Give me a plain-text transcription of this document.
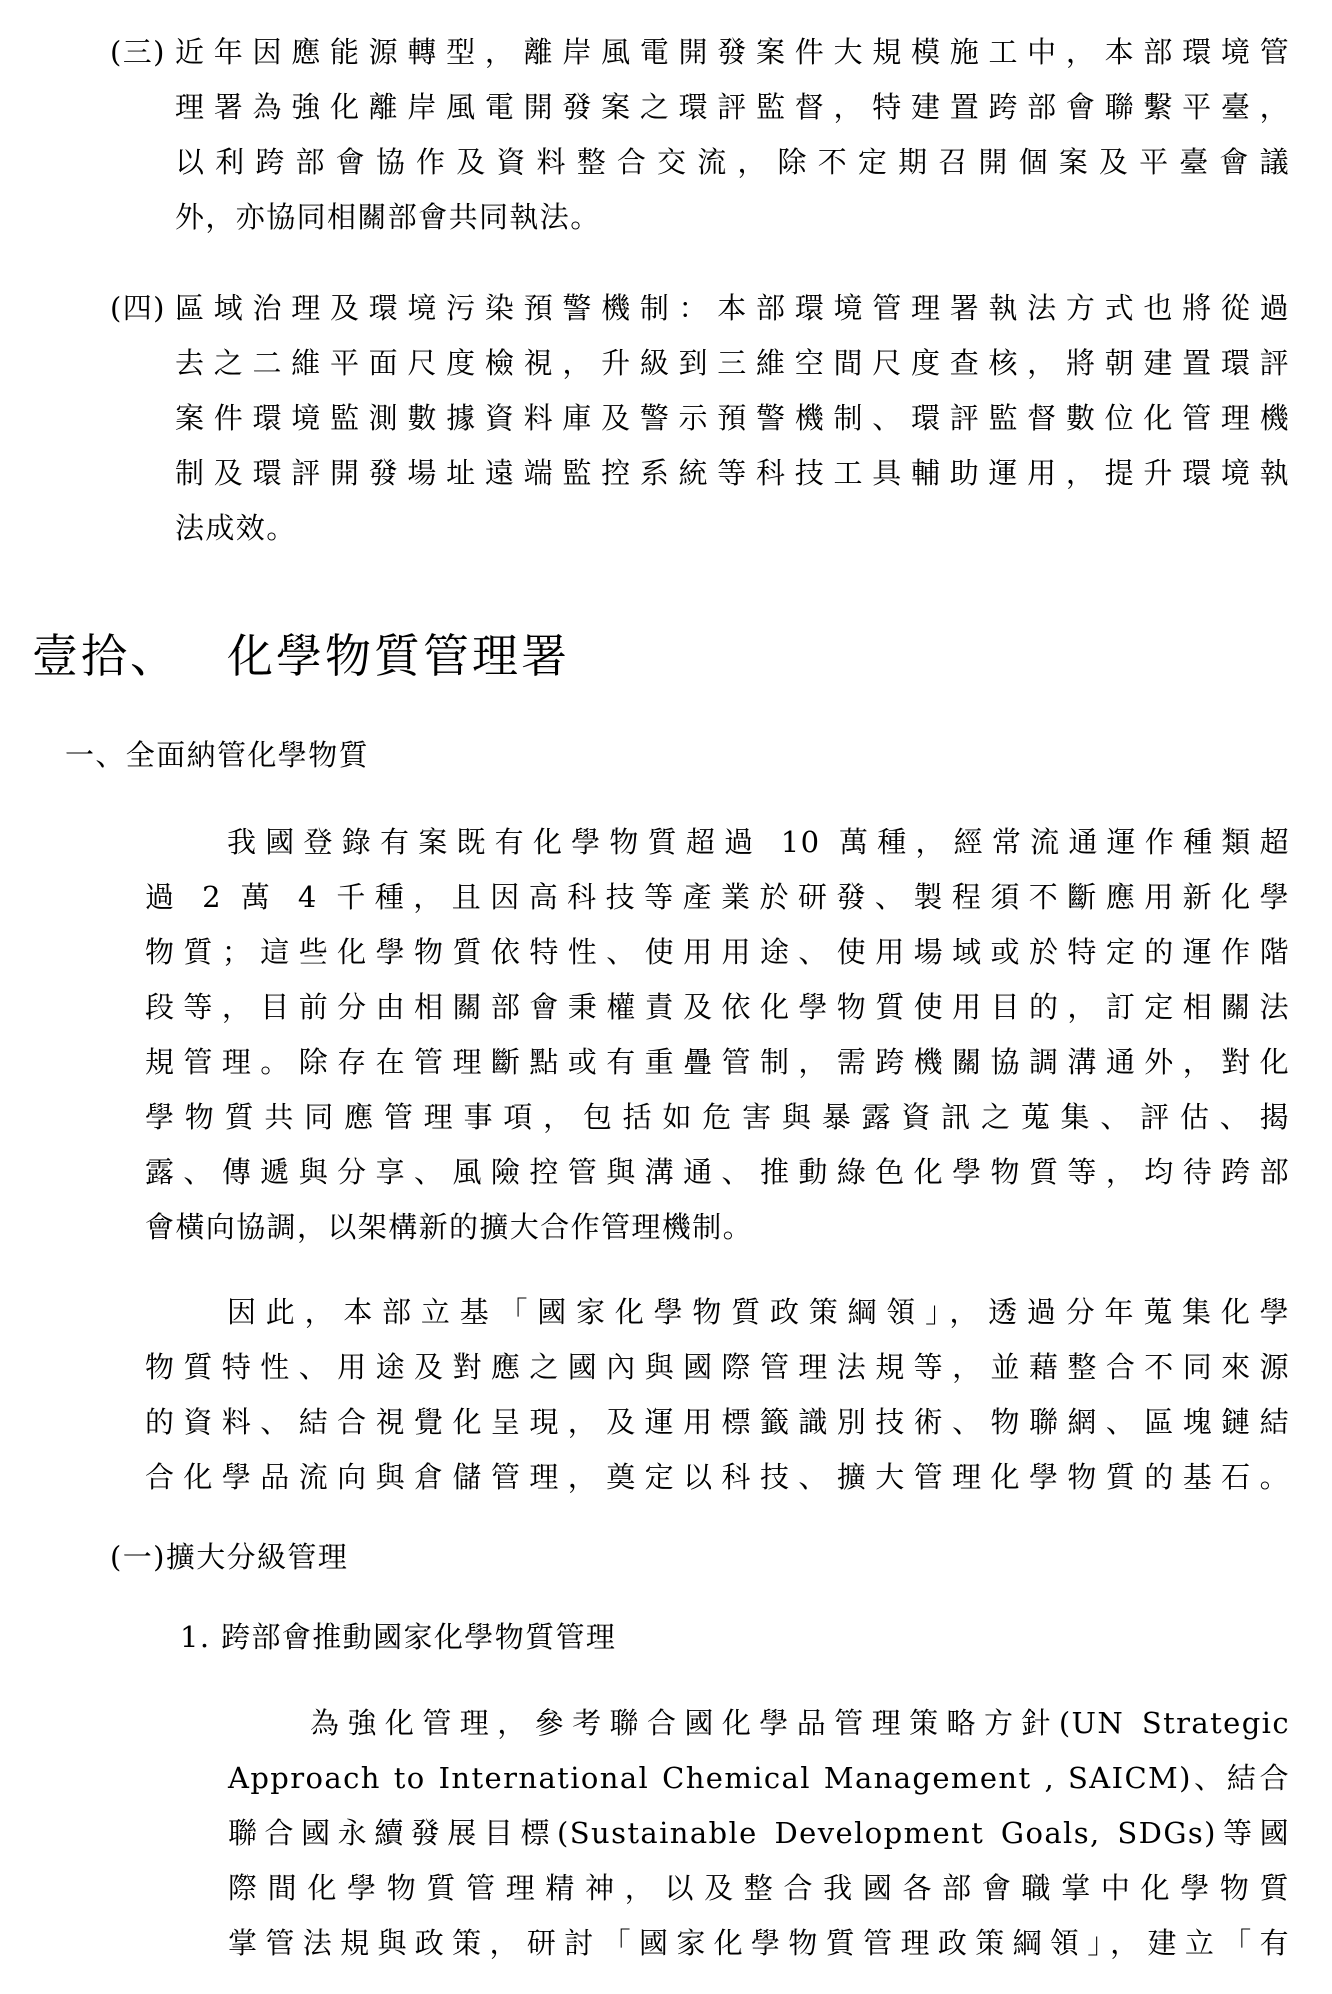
(三) 近年因應能源轉型，離岸風電開發案件大規模施工中，本部環境管
理署為強化離岸風電開發案之環評監督，特建置跨部會聯繫平臺，
以利跨部會協作及資料整合交流，除不定期召開個案及平臺會議
外，亦協同相關部會共同執法。
(四) 區域治理及環境污染預警機制：本部環境管理署執法方式也將從過
去之二維平面尺度檢視，升級到三維空間尺度查核，將朝建置環評
案件環境監測數據資料庫及警示預警機制、環評監督數位化管理機
制及環評開發場址遠端監控系統等科技工具輔助運用，提升環境執
法成效。
壹拾、 化學物質管理署
一、全面納管化學物質
我國登錄有案既有化學物質超過 10 萬種，經常流通運作種類超
過 2 萬 4 千種，且因高科技等產業於研發、製程須不斷應用新化學
物質；這些化學物質依特性、使用用途、使用場域或於特定的運作階
段等，目前分由相關部會秉權責及依化學物質使用目的，訂定相關法
規管理。除存在管理斷點或有重疊管制，需跨機關協調溝通外，對化
學物質共同應管理事項，包括如危害與暴露資訊之蒐集、評估、揭
露、傳遞與分享、風險控管與溝通、推動綠色化學物質等，均待跨部
會橫向協調，以架構新的擴大合作管理機制。
因此，本部立基「國家化學物質政策綱領」，透過分年蒐集化學
物質特性、用途及對應之國內與國際管理法規等，並藉整合不同來源
的資料、結合視覺化呈現，及運用標籤識別技術、物聯網、區塊鏈結
合化學品流向與倉儲管理，奠定以科技、擴大管理化學物質的基石。
(一)擴大分級管理
1. 跨部會推動國家化學物質管理
為強化管理，參考聯合國化學品管理策略方針(UN Strategic
Approach to International Chemical Management , SAICM)、結合
聯合國永續發展目標(Sustainable Development Goals, SDGs)等國
際間化學物質管理精神，以及整合我國各部會職掌中化學物質
掌管法規與政策，研討「國家化學物質管理政策綱領」，建立「有
